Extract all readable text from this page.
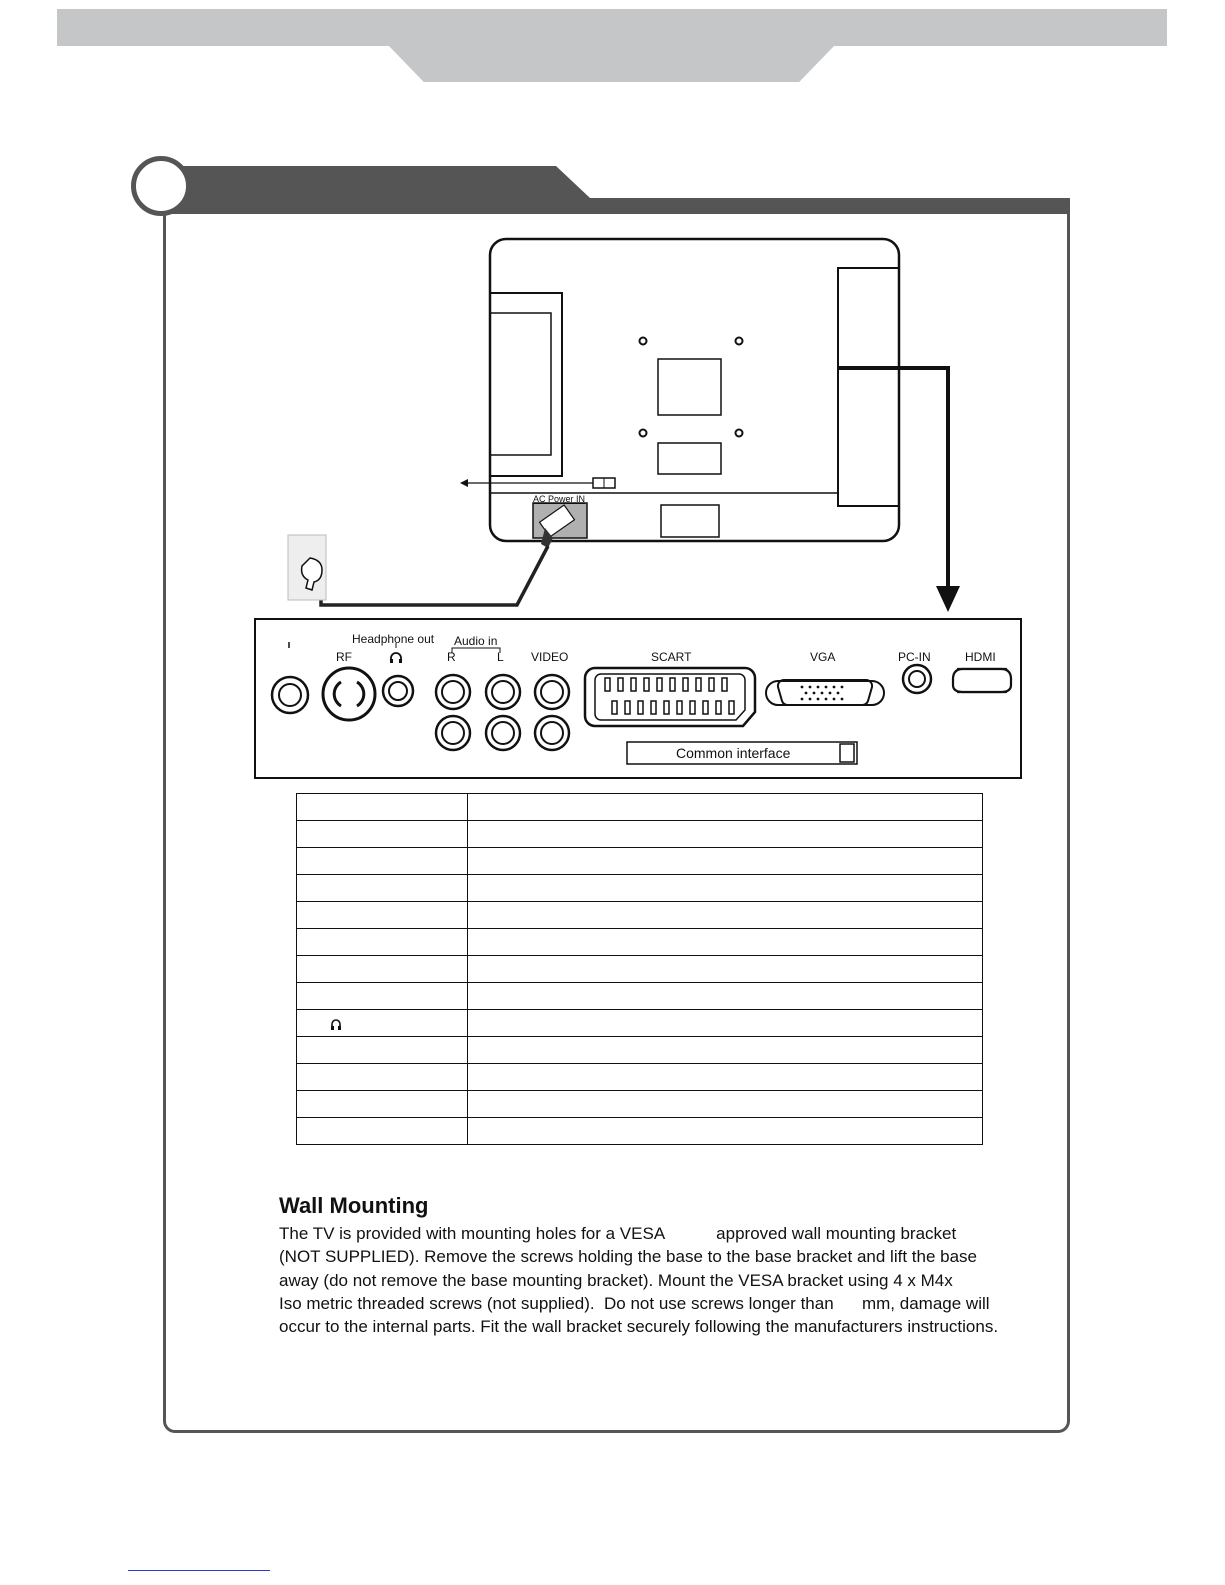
AC Power IN
Headphone out Audio in
RF	R	L VIDEO	SCART	VGA	PC-IN	HDMI
Common interface

Wall Mounting

The TV is provided with mounting holes for a VESA           approved wall mounting bracket

(NOT SUPPLIED). Remove the screws holding the base to the base bracket and lift the base

away (do not remove the base mounting bracket). Mount the VESA bracket using 4 x M4x

Iso metric threaded screws (not supplied).  Do not use screws longer than      mm, damage will

occur to the internal parts. Fit the wall bracket securely following the manufacturers instructions.
